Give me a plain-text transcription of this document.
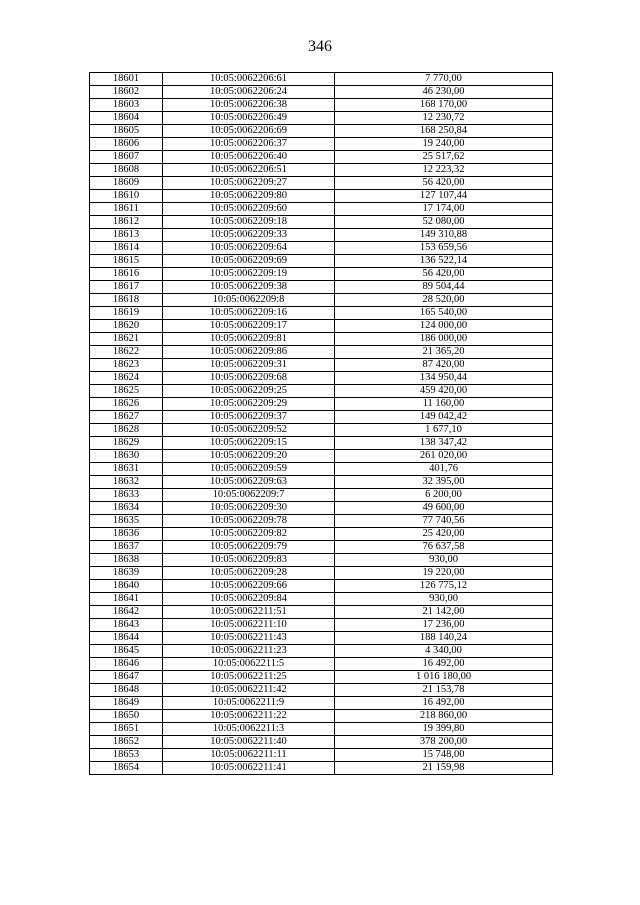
346
18601	10:05:0062206:61	7 770,00
18602	10:05:0062206:24	46 230,00
18603	10:05:0062206:38	168 170,00
18604	10:05:0062206:49	12 230,72
18605	10:05:0062206:69	168 250,84
18606	10:05:0062206:37	19 240,00
18607	10:05:0062206:40	25 517,62
18608	10:05:0062206:51	12 223,32
18609	10:05:0062209:27	56 420,00
18610	10:05:0062209:80	127 107,44
18611	10:05:0062209:60	17 174,00
18612	10:05:0062209:18	52 080,00
18613	10:05:0062209:33	149 310,88
18614	10:05:0062209:64	153 659,56
18615	10:05:0062209:69	136 522,14
18616	10:05:0062209:19	56 420,00
18617	10:05:0062209:38	89 504,44
18618	10:05:0062209:8	28 520,00
18619	10:05:0062209:16	165 540,00
18620	10:05:0062209:17	124 000,00
18621	10:05:0062209:81	186 000,00
18622	10:05:0062209:86	21 365,20
18623	10:05:0062209:31	87 420,00
18624	10:05:0062209:68	134 950,44
18625	10:05:0062209:25	459 420,00
18626	10:05:0062209:29	11 160,00
18627	10:05:0062209:37	149 042,42
18628	10:05:0062209:52	1 677,10
18629	10:05:0062209:15	138 347,42
18630	10:05:0062209:20	261 020,00
18631	10:05:0062209:59	401,76
18632	10:05:0062209:63	32 395,00
18633	10:05:0062209:7	6 200,00
18634	10:05:0062209:30	49 600,00
18635	10:05:0062209:78	77 740,56
18636	10:05:0062209:82	25 420,00
18637	10:05:0062209:79	76 637,58
18638	10:05:0062209:83	930,00
18639	10:05:0062209:28	19 220,00
18640	10:05:0062209:66	126 775,12
18641	10:05:0062209:84	930,00
18642	10:05:0062211:51	21 142,00
18643	10:05:0062211:10	17 236,00
18644	10:05:0062211:43	188 140,24
18645	10:05:0062211:23	4 340,00
18646	10:05:0062211:5	16 492,00
18647	10:05:0062211:25	1 016 180,00
18648	10:05:0062211:42	21 153,78
18649	10:05:0062211:9	16 492,00
18650	10:05:0062211:22	218 860,00
18651	10:05:0062211:3	19 399,80
18652	10:05:0062211:40	378 200,00
18653	10:05:0062211:11	15 748,00
18654	10:05:0062211:41	21 159,98
